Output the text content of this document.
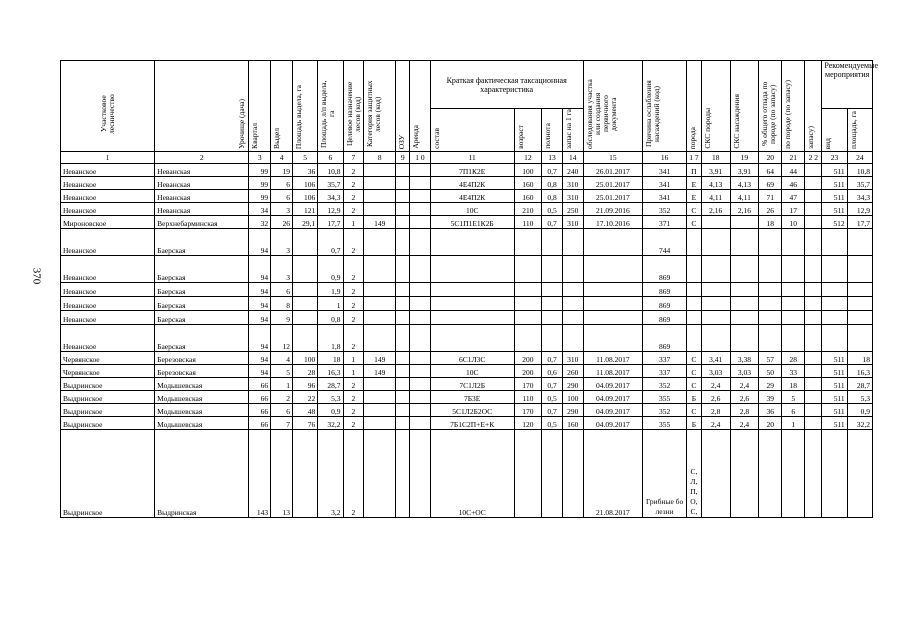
370
Участковое лесничество	Урочище (дача)	Квартал	Выдел	Площадь выдела, га	Площадь л/п выдела, га	Целевое назначение лесов (код)	Категория защитных лесов (код)	ОЗУ	Аренда	Краткая фактическая таксационная характеристика				обследования участка или создания первичного документа	Причина ослабления насаждений (код)	порода	СКС породы	СКС насаждения	% общего отпада по породе (по запасу)	по породе (по запасу)	запасу)	Рекомендуемые мероприятия	
										состав	возраст	полнота	запас на 1 га									вид	площадь, га
1	2	3	4	5	6	7	8	9	1 0	11	12	13	14	15	16	1 7	18	19	20	21	2 2	23	24
Неванское	Неванская	99	19	36	10,8	2				7П1К2Е	100	0,7	240	26.01.2017	341	П	3,91	3,91	64	44		511	10,8
Неванское	Неванская	99	6	106	35,7	2				4Е4П2К	160	0,8	310	25.01.2017	341	Е	4,13	4,13	69	46		511	35,7
Неванское	Неванская	99	6	106	34,3	2				4Е4П2К	160	0,8	310	25.01.2017	341	Е	4,11	4,11	71	47		511	34,3
Неванское	Неванская	34	3	121	12,9	2				10С	210	0,5	250	21.09.2016	352	С	2,16	2,16	26	17		511	12,9
Мироновское	Верхнебарминская	32	26	29,1	17,7	1	149			5С1П1Е1К2Б	110	0,7	310	17.10.2016	371	С			18	10		512	17,7
Неванское	Баерская	94	3		0,7	2									744								
Неванское	Баерская	94	3		0,9	2									869								
Неванское	Баерская	94	6		1,9	2									869								
Неванское	Баерская	94	8		1	2									869								
Неванское	Баерская	94	9		0,8	2									869								
Неванское	Баерская	94	12		1,8	2									869								
Червянское	Березовская	94	4	100	18	1	149			6С1Л3С	200	0,7	310	11.08.2017	337	С	3,41	3,38	57	28		511	18
Червянское	Березовская	94	5	28	16,3	1	149			10С	200	0,6	260	11.08.2017	337	С	3,03	3,03	50	33		511	16,3
Выдринское	Модышевская	66	1	96	28,7	2				7С1Л2Б	170	0,7	290	04.09.2017	352	С	2,4	2,4	29	18		511	28,7
Выдринское	Модышевская	66	2	22	5,3	2				7Б3Е	110	0,5	100	04.09.2017	355	Б	2,6	2,6	39	5		511	5,3
Выдринское	Модышевская	66	6	48	0,9	2				5С1Л2Б2ОС	170	0,7	290	04.09.2017	352	С	2,8	2,8	36	6		511	0,9
Выдринское	Модышевская	66	7	76	32,2	2				7Б1С2П+Е+К	120	0,5	160	04.09.2017	355	Б	2,4	2,4	20	1		511	32,2
Выдринское	Выдринская	143	13		3,2	2				10С+ОС				21.08.2017	Грибные болезни	С, Л, П, О, С,							
